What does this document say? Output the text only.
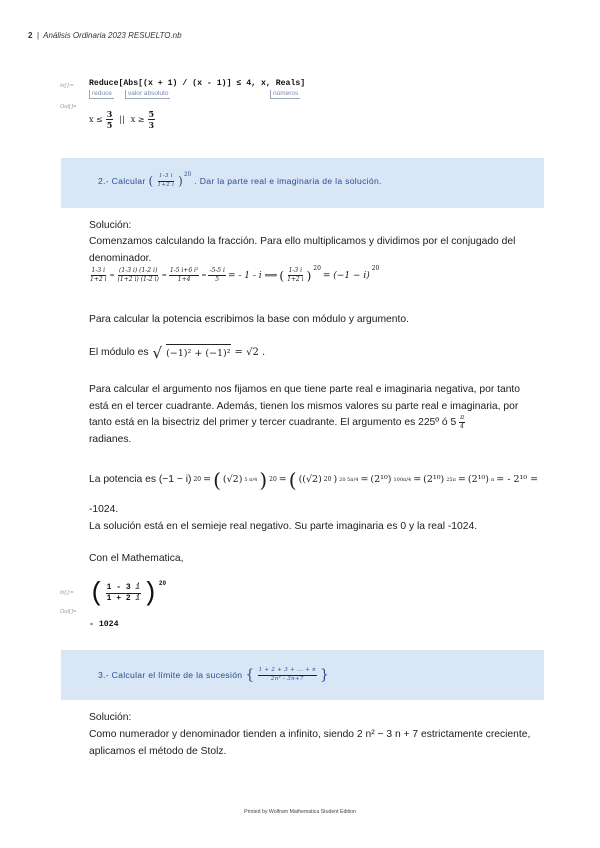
2 | Análisis Ordinaria 2023 RESUELTO.nb
In[ ]:= Reduce[Abs[(x + 1) / (x - 1)] ≤ 4, x, Reals]
reduce	valor absoluto	números
Out[ ]=
$x \le \frac{3}{5}$ || $x \ge \frac{5}{3}$
2.- Calcular ( $\frac{1-3 i}{1+2 i}$ ) 20
. Dar la parte real e imaginaria de la solución.
Solución:
Comenzamos calculando la fracción. Para ello multiplicamos y dividimos por el conjugado del denominador.
$\frac{1-3 i}{1+2 i} = \frac{(1-3 i) (1-2 i)}{(1+2 i) (1-2 i)} = \frac{\text{1-5 i+6 i²}}{1+4} = \frac{-5-5 i}{5}$ = - 1 - i ⟹ ( $\frac{1-3 i}{1+2 i}$ ) 20
= (−1 − i)
20
Para calcular la potencia escribimos la base con módulo y argumento.
El módulo es √ (−1)² + (−1)² = √2 .
Para calcular el argumento nos fijamos en que tiene parte real e imaginaria negativa, por tanto está en el tercer cuadrante. Además, tienen los mismos valores su parte real e imaginaria, por tanto está en la bisectriz del primer y tercer cuadrante. El argumento es 225º ó $5 \frac{\pi}{4}$

radianes.
La potencia es (−1 − i) 20 = ( (√2) 5 π/4 ) 20 = ( ((√2) 20 ) 20 5π/4 = (2¹⁰) 100π/4 = (2¹⁰) 25π = (2¹⁰) π = - 2¹⁰ =
-1024.
La solución está en el semieje real negativo. Su parte imaginaria es 0 y la real -1024.
Con el Mathematica,
In[ ]:= ( $\frac{\text{1 - 3 ⅈ}}{\text{1 + 2 ⅈ}}$ ) 20
Out[ ]=
- 1024
3.- Calcular el límite de la sucesión { $\frac{1 + 2 + 3 + ... + n}{\text{2n² - 3n+7}}$ }
Solución:
Como numerador y denominador tienden a infinito, siendo 2 n² − 3 n + 7 estrictamente creciente, aplicamos el método de Stolz.
Printed by Wolfram Mathematica Student Edition
